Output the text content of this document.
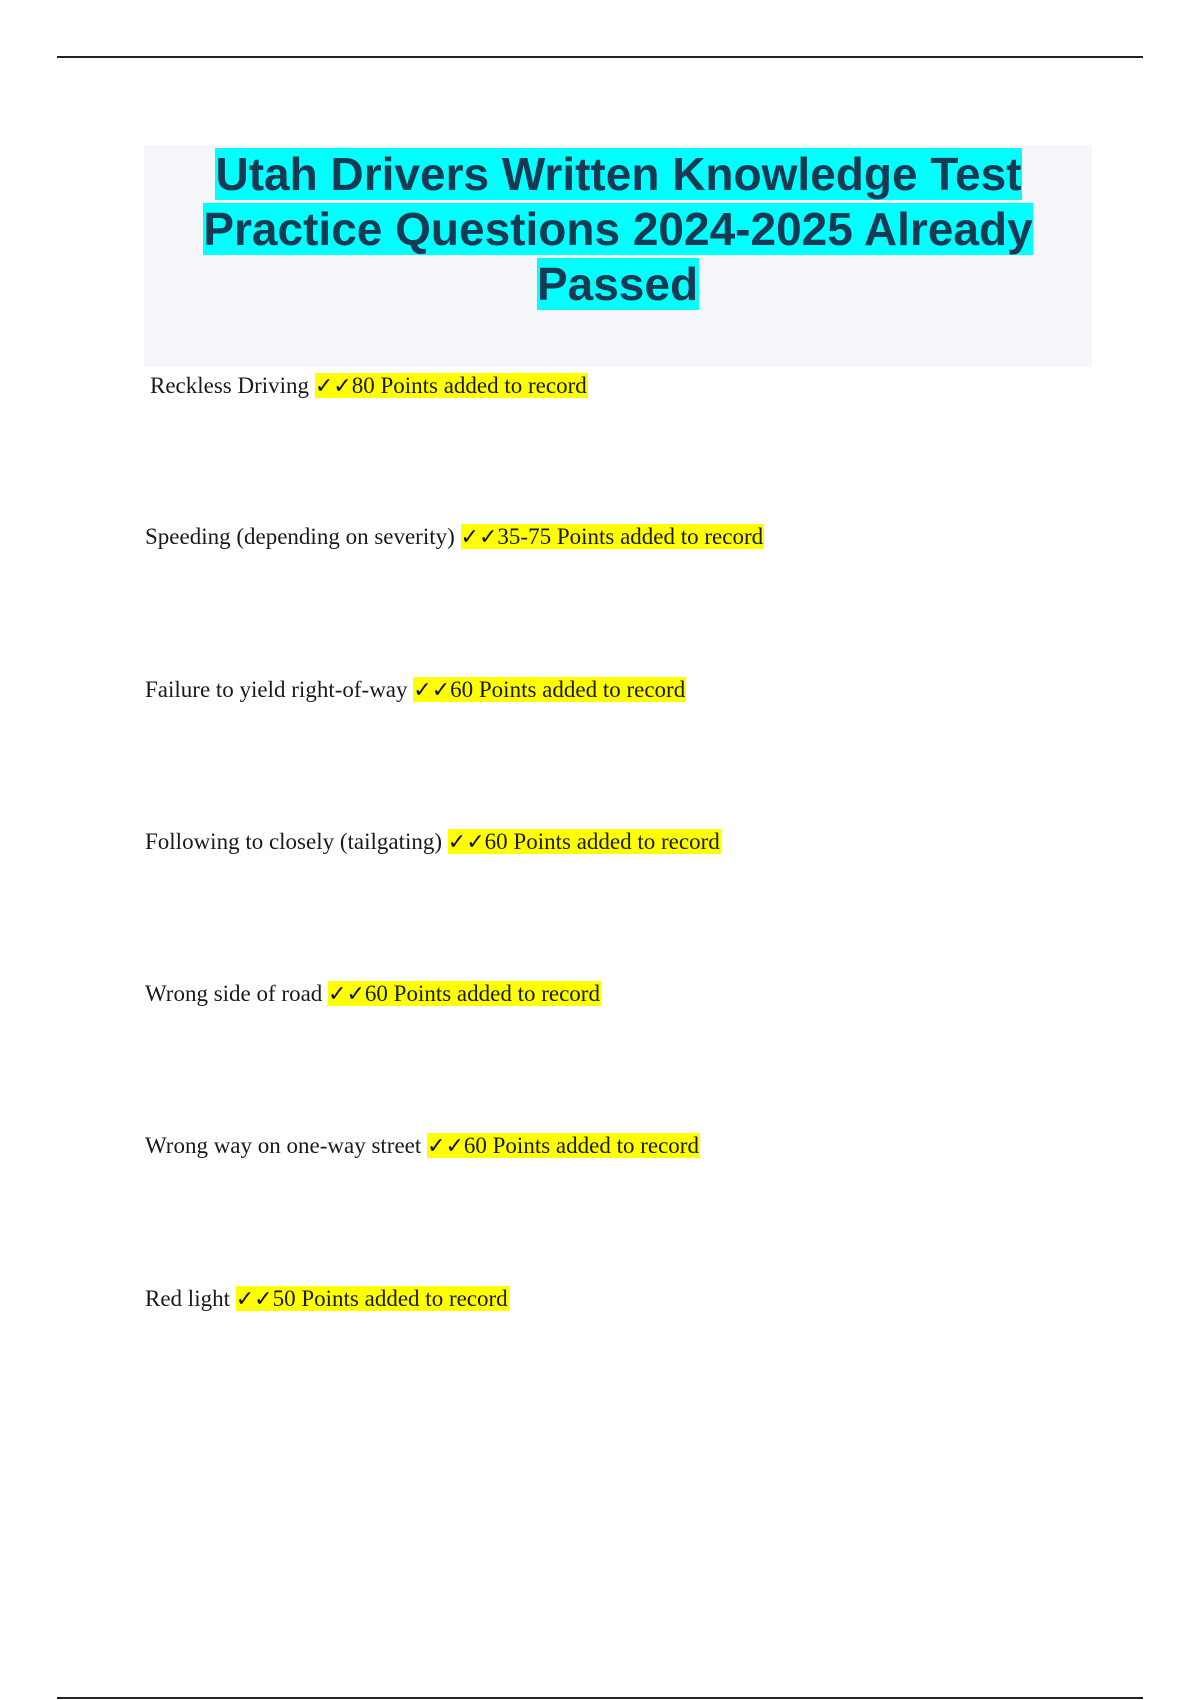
Utah Drivers Written Knowledge Test Practice Questions 2024-2025 Already Passed

Reckless Driving ✓✓80 Points added to record

Speeding (depending on severity) ✓✓35-75 Points added to record

Failure to yield right-of-way ✓✓60 Points added to record

Following to closely (tailgating) ✓✓60 Points added to record

Wrong side of road ✓✓60 Points added to record

Wrong way on one-way street ✓✓60 Points added to record

Red light ✓✓50 Points added to record
